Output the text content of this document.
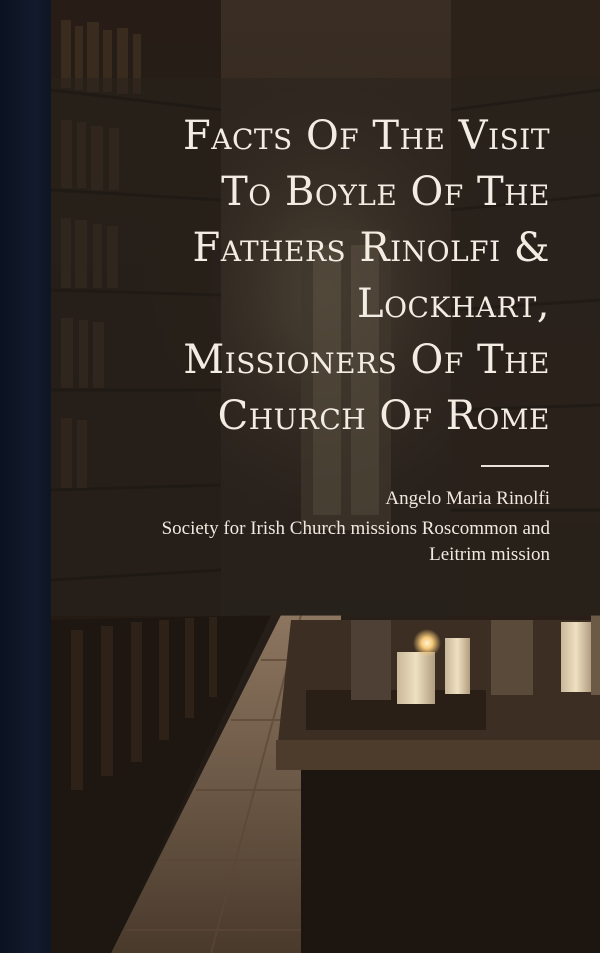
Facts Of The Visit
To Boyle Of The
Fathers Rinolfi &
Lockhart,
Missioners Of The
Church Of Rome

Angelo Maria Rinolfi

Society for Irish Church missions Roscommon and
Leitrim mission
